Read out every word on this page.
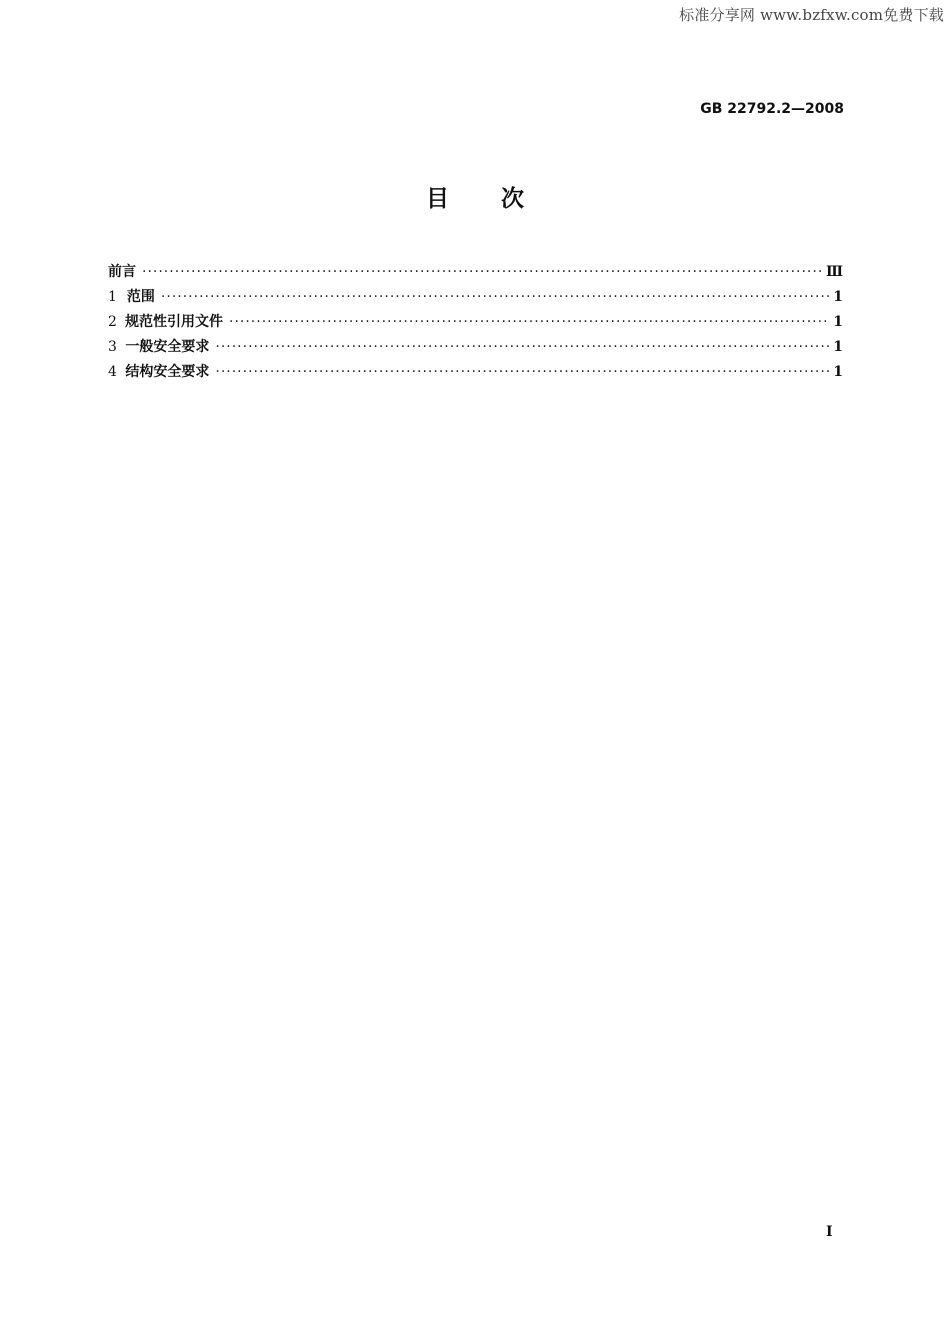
标准分享网 www.bzfxw.com免费下载
GB 22792.2—2008
目次
前言 ·····	Ⅲ
1 范围 ·····	1
2 规范性引用文件 ·····	1
3 一般安全要求 ·····	1
4 结构安全要求 ·····	1
I
